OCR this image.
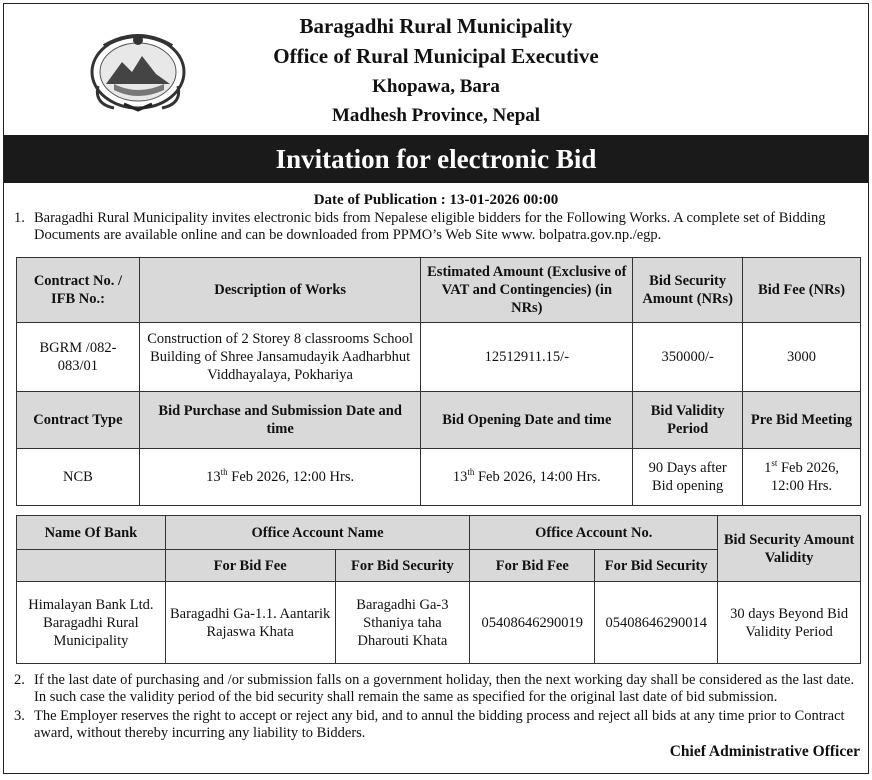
Baragadhi Rural Municipality
Office of Rural Municipal Executive
Khopawa, Bara
Madhesh Province, Nepal
Invitation for electronic Bid
Date of Publication : 13-01-2026 00:00
1. Baragadhi Rural Municipality invites electronic bids from Nepalese eligible bidders for the Following Works. A complete set of Bidding Documents are available online and can be downloaded from PPMO’s Web Site www. bolpatra.gov.np./egp.
Contract No. / IFB No.:	Description of Works	Estimated Amount (Exclusive of VAT and Contingencies) (in NRs)	Bid Security Amount (NRs)	Bid Fee (NRs)
BGRM /082-083/01	Construction of 2 Storey 8 classrooms School Building of Shree Jansamudayik Aadharbhut Viddhayalaya, Pokhariya	12512911.15/-	350000/-	3000
Contract Type	Bid Purchase and Submission Date and time	Bid Opening Date and time	Bid Validity Period	Pre Bid Meeting
NCB	13th Feb 2026, 12:00 Hrs.	13th Feb 2026, 14:00 Hrs.	90 Days after Bid opening	1st Feb 2026, 12:00 Hrs.
Name Of Bank	Office Account Name		Office Account No.		Bid Security Amount Validity
	For Bid Fee	For Bid Security	For Bid Fee	For Bid Security	
Himalayan Bank Ltd. Baragadhi Rural Municipality	Baragadhi Ga-1.1. Aantarik Rajaswa Khata	Baragadhi Ga-3 Sthaniya taha Dharouti Khata	05408646290019	05408646290014	30 days Beyond Bid Validity Period
2. If the last date of purchasing and /or submission falls on a government holiday, then the next working day shall be considered as the last date. In such case the validity period of the bid security shall remain the same as specified for the original last date of bid submission.
3. The Employer reserves the right to accept or reject any bid, and to annul the bidding process and reject all bids at any time prior to Contract award, without thereby incurring any liability to Bidders.
Chief Administrative Officer
